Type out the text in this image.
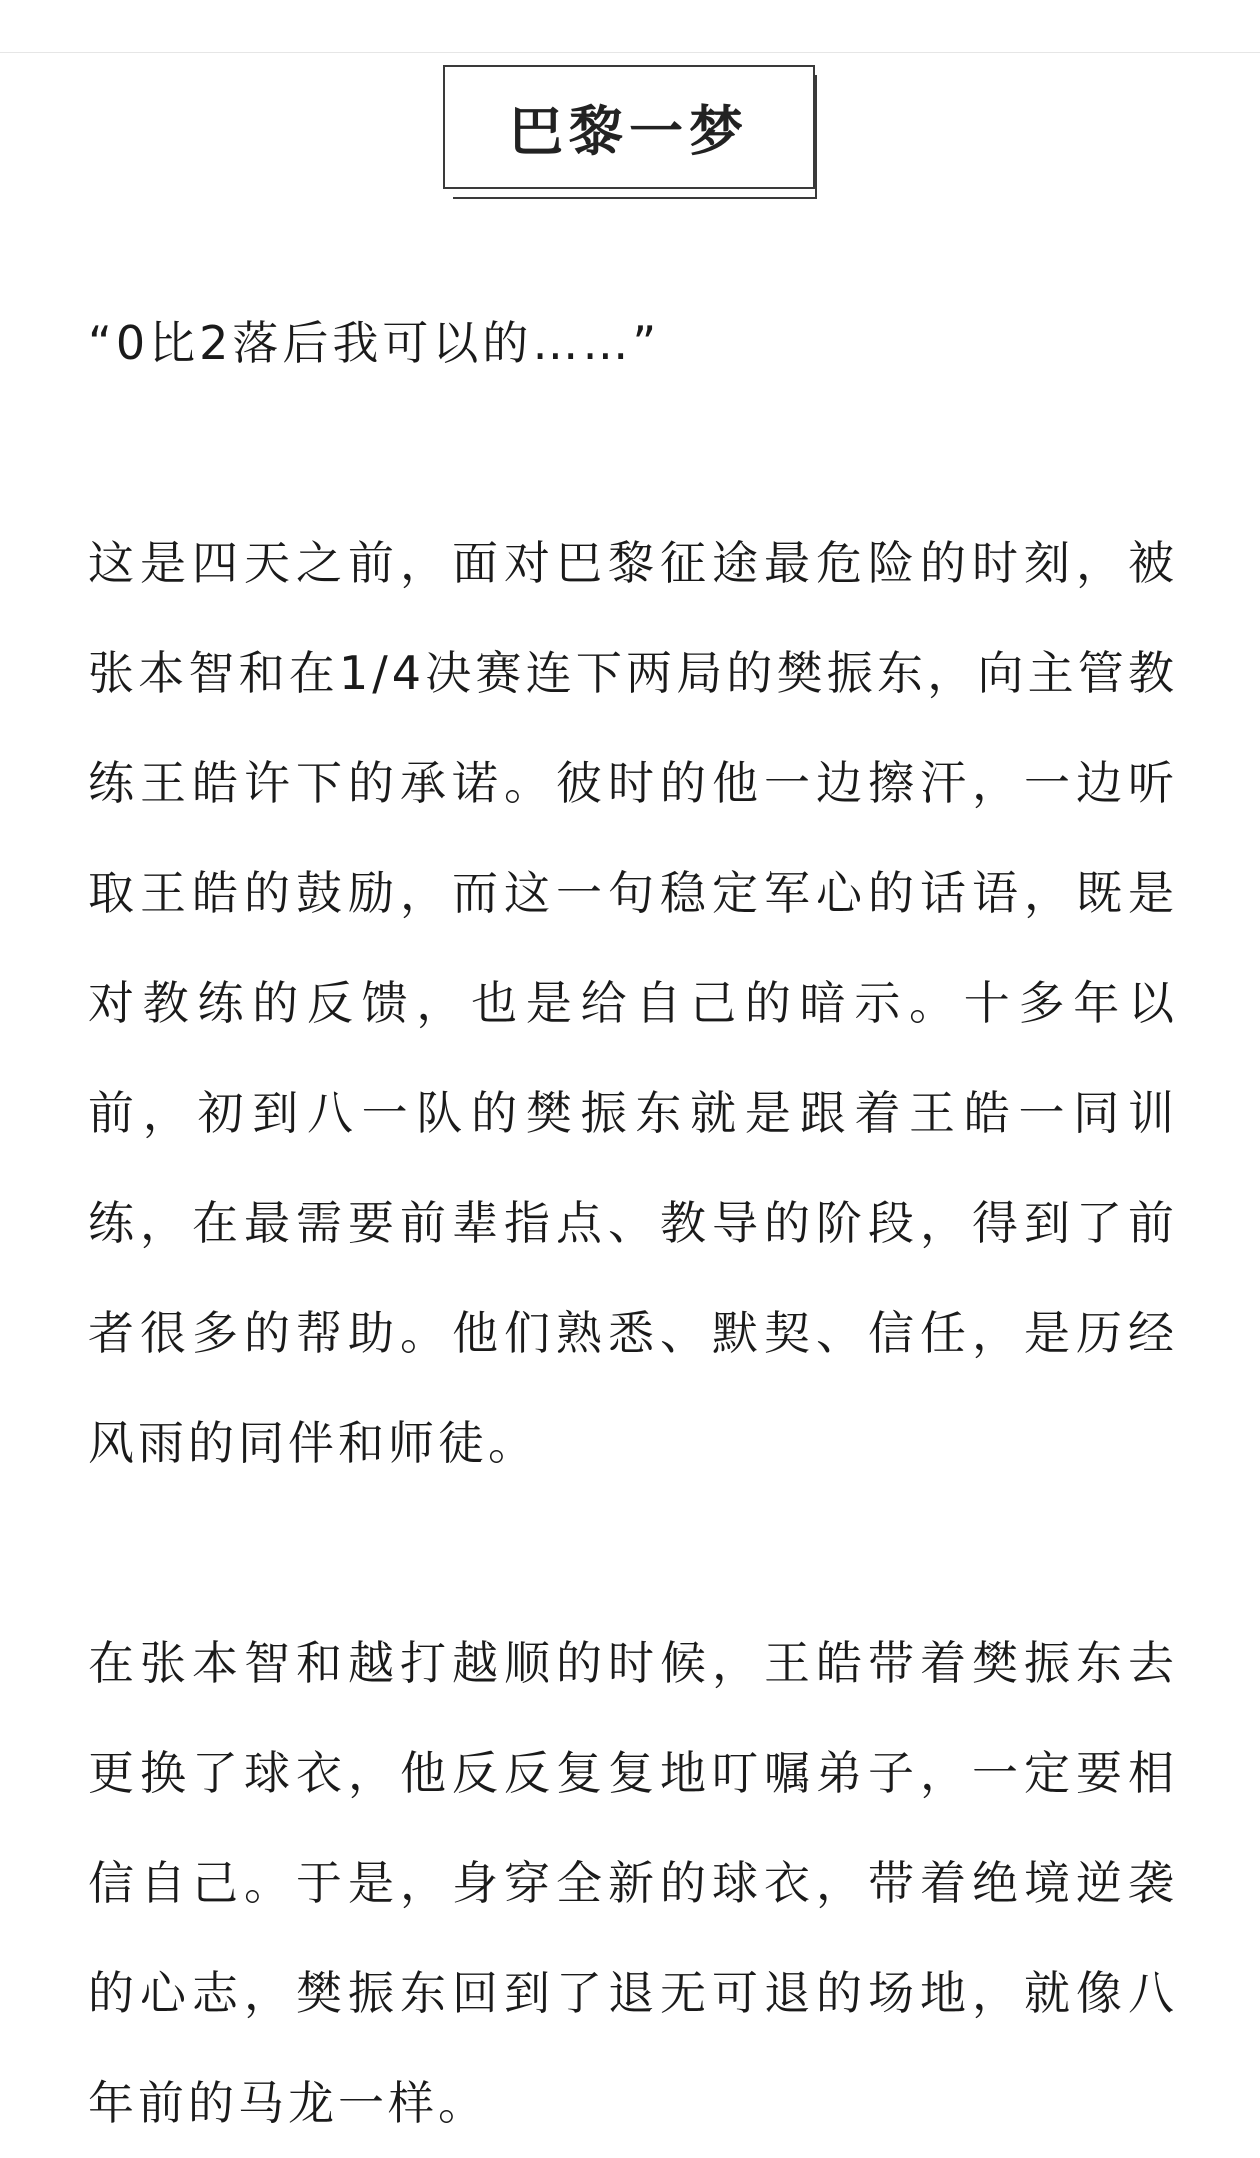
巴黎一梦

“0比2落后我可以的……”

这是四天之前，面对巴黎征途最危险的时刻，被张本智和在1/4决赛连下两局的樊振东，向主管教练王皓许下的承诺。彼时的他一边擦汗，一边听取王皓的鼓励，而这一句稳定军心的话语，既是对教练的反馈，也是给自己的暗示。十多年以前，初到八一队的樊振东就是跟着王皓一同训练，在最需要前辈指点、教导的阶段，得到了前者很多的帮助。他们熟悉、默契、信任，是历经风雨的同伴和师徒。

在张本智和越打越顺的时候，王皓带着樊振东去更换了球衣，他反反复复地叮嘱弟子，一定要相信自己。于是，身穿全新的球衣，带着绝境逆袭的心志，樊振东回到了退无可退的场地，就像八年前的马龙一样。
